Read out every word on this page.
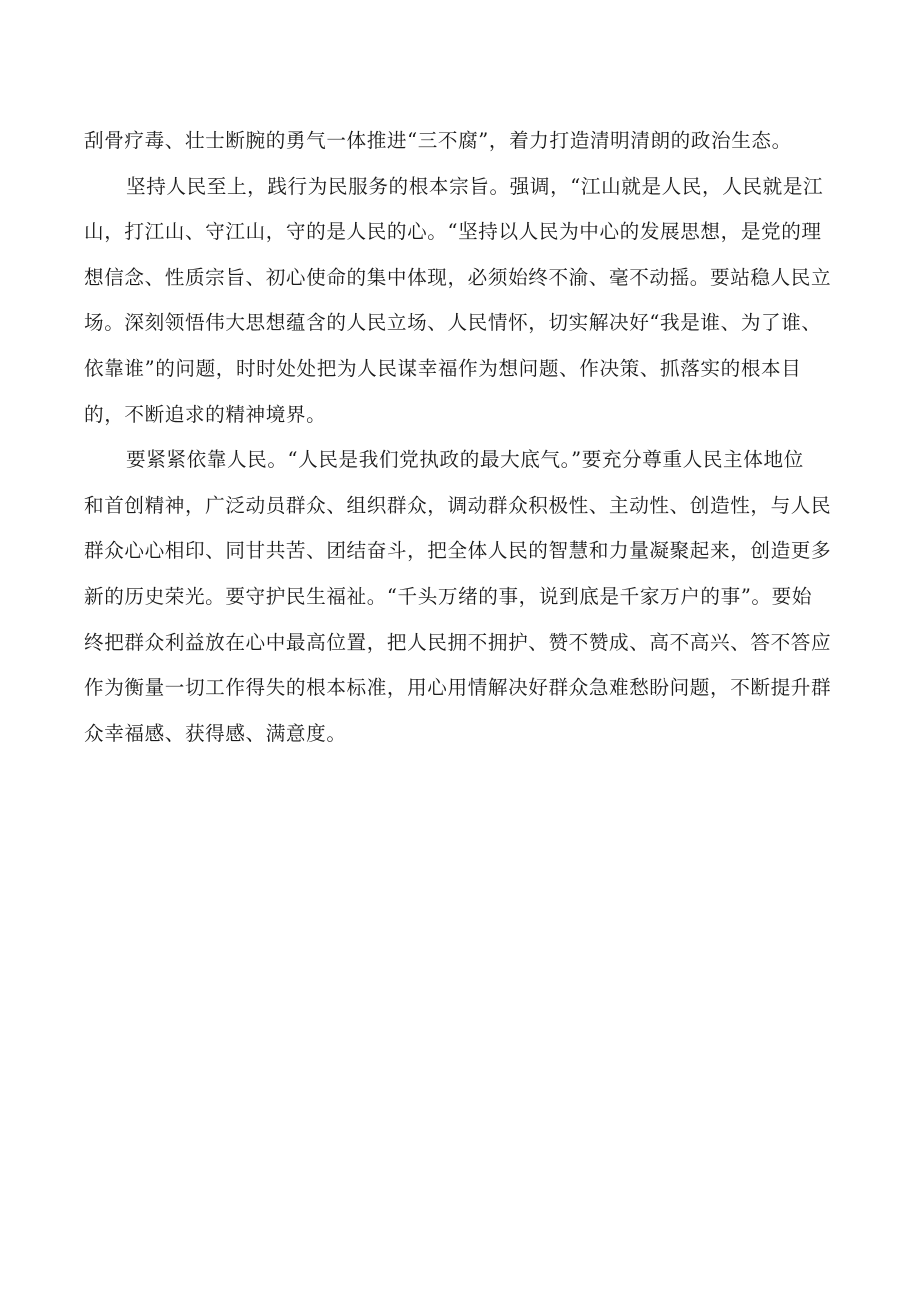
刮骨疗毒、壮士断腕的勇气一体推进“三不腐”，着力打造清明清朗的政治生态。
坚持人民至上，践行为民服务的根本宗旨。强调，“江山就是人民，人民就是江
山，打江山、守江山，守的是人民的心。“坚持以人民为中心的发展思想，是党的理
想信念、性质宗旨、初心使命的集中体现，必须始终不渝、毫不动摇。要站稳人民立
场。深刻领悟伟大思想蕴含的人民立场、人民情怀，切实解决好“我是谁、为了谁、
依靠谁”的问题，时时处处把为人民谋幸福作为想问题、作决策、抓落实的根本目
的，不断追求的精神境界。
要紧紧依靠人民。“人民是我们党执政的最大底气。”要充分尊重人民主体地位
和首创精神，广泛动员群众、组织群众，调动群众积极性、主动性、创造性，与人民
群众心心相印、同甘共苦、团结奋斗，把全体人民的智慧和力量凝聚起来，创造更多
新的历史荣光。要守护民生福祉。“千头万绪的事，说到底是千家万户的事”。要始
终把群众利益放在心中最高位置，把人民拥不拥护、赞不赞成、高不高兴、答不答应
作为衡量一切工作得失的根本标准，用心用情解决好群众急难愁盼问题，不断提升群
众幸福感、获得感、满意度。
